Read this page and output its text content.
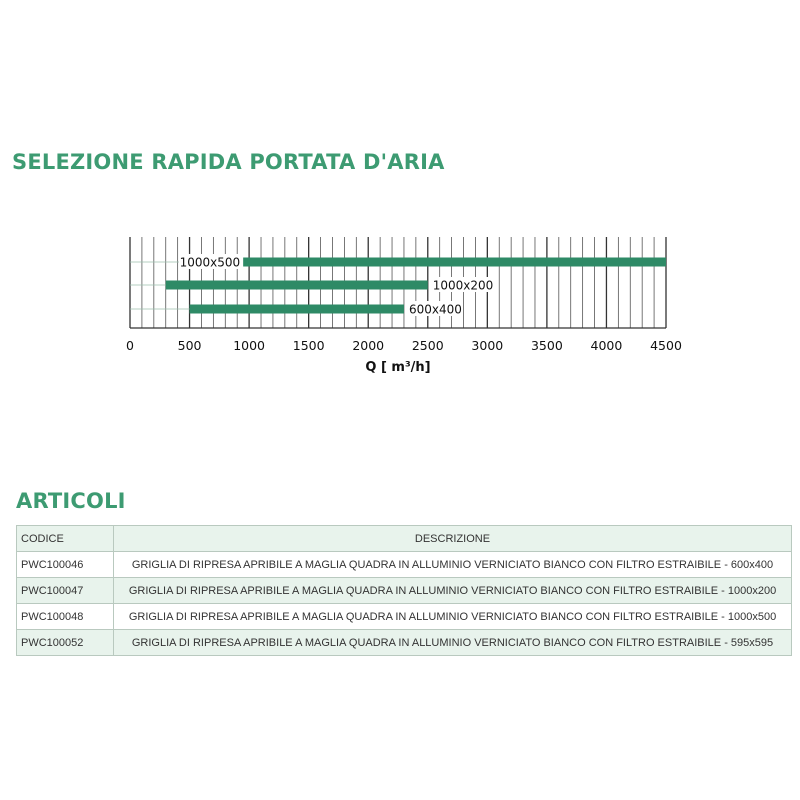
SELEZIONE RAPIDA PORTATA D'ARIA
1000x500
1000x200
600x400
0	500	1000 1500 2000 2500 3000 3500 4000 4500
Q [ m³/h]
ARTICOLI
CODICE	DESCRIZIONE
PWC100046	GRIGLIA DI RIPRESA APRIBILE A MAGLIA QUADRA IN ALLUMINIO VERNICIATO BIANCO CON FILTRO ESTRAIBILE - 600x400
PWC100047	GRIGLIA DI RIPRESA APRIBILE A MAGLIA QUADRA IN ALLUMINIO VERNICIATO BIANCO CON FILTRO ESTRAIBILE - 1000x200
PWC100048	GRIGLIA DI RIPRESA APRIBILE A MAGLIA QUADRA IN ALLUMINIO VERNICIATO BIANCO CON FILTRO ESTRAIBILE - 1000x500
PWC100052	GRIGLIA DI RIPRESA APRIBILE A MAGLIA QUADRA IN ALLUMINIO VERNICIATO BIANCO CON FILTRO ESTRAIBILE - 595x595
